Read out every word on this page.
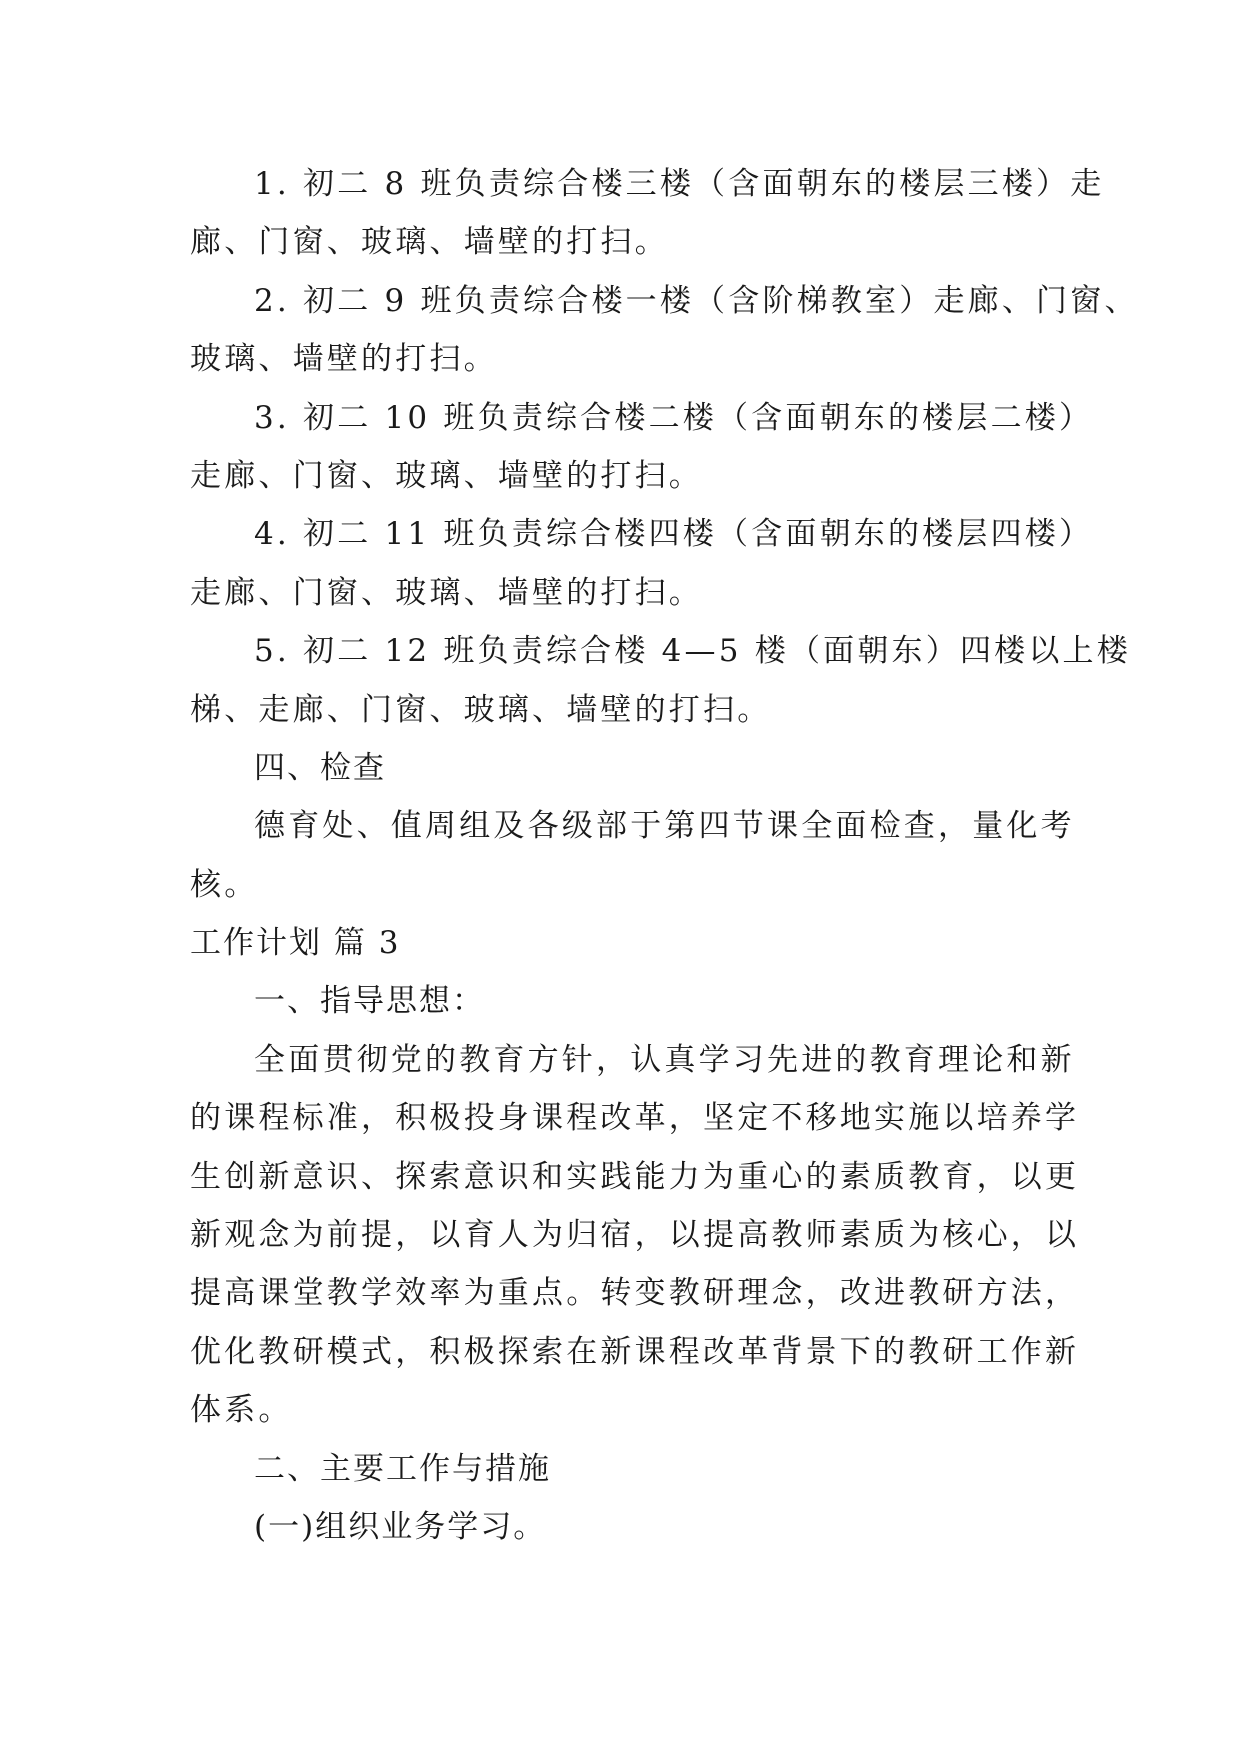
1. 初二 8 班负责综合楼三楼（含面朝东的楼层三楼）走

廊、门窗、玻璃、墙壁的打扫。

2. 初二 9 班负责综合楼一楼（含阶梯教室）走廊、门窗、

玻璃、墙壁的打扫。

3. 初二 10 班负责综合楼二楼（含面朝东的楼层二楼）

走廊、门窗、玻璃、墙壁的打扫。

4. 初二 11 班负责综合楼四楼（含面朝东的楼层四楼）

走廊、门窗、玻璃、墙壁的打扫。

5. 初二 12 班负责综合楼 4—5 楼（面朝东）四楼以上楼

梯、走廊、门窗、玻璃、墙壁的打扫。

四、检查

德育处、值周组及各级部于第四节课全面检查，量化考

核。

工作计划 篇 3

一、指导思想：

全面贯彻党的教育方针，认真学习先进的教育理论和新

的课程标准，积极投身课程改革，坚定不移地实施以培养学

生创新意识、探索意识和实践能力为重心的素质教育，以更

新观念为前提，以育人为归宿，以提高教师素质为核心，以

提高课堂教学效率为重点。转变教研理念，改进教研方法，

优化教研模式，积极探索在新课程改革背景下的教研工作新

体系。

二、主要工作与措施

(一)组织业务学习。
